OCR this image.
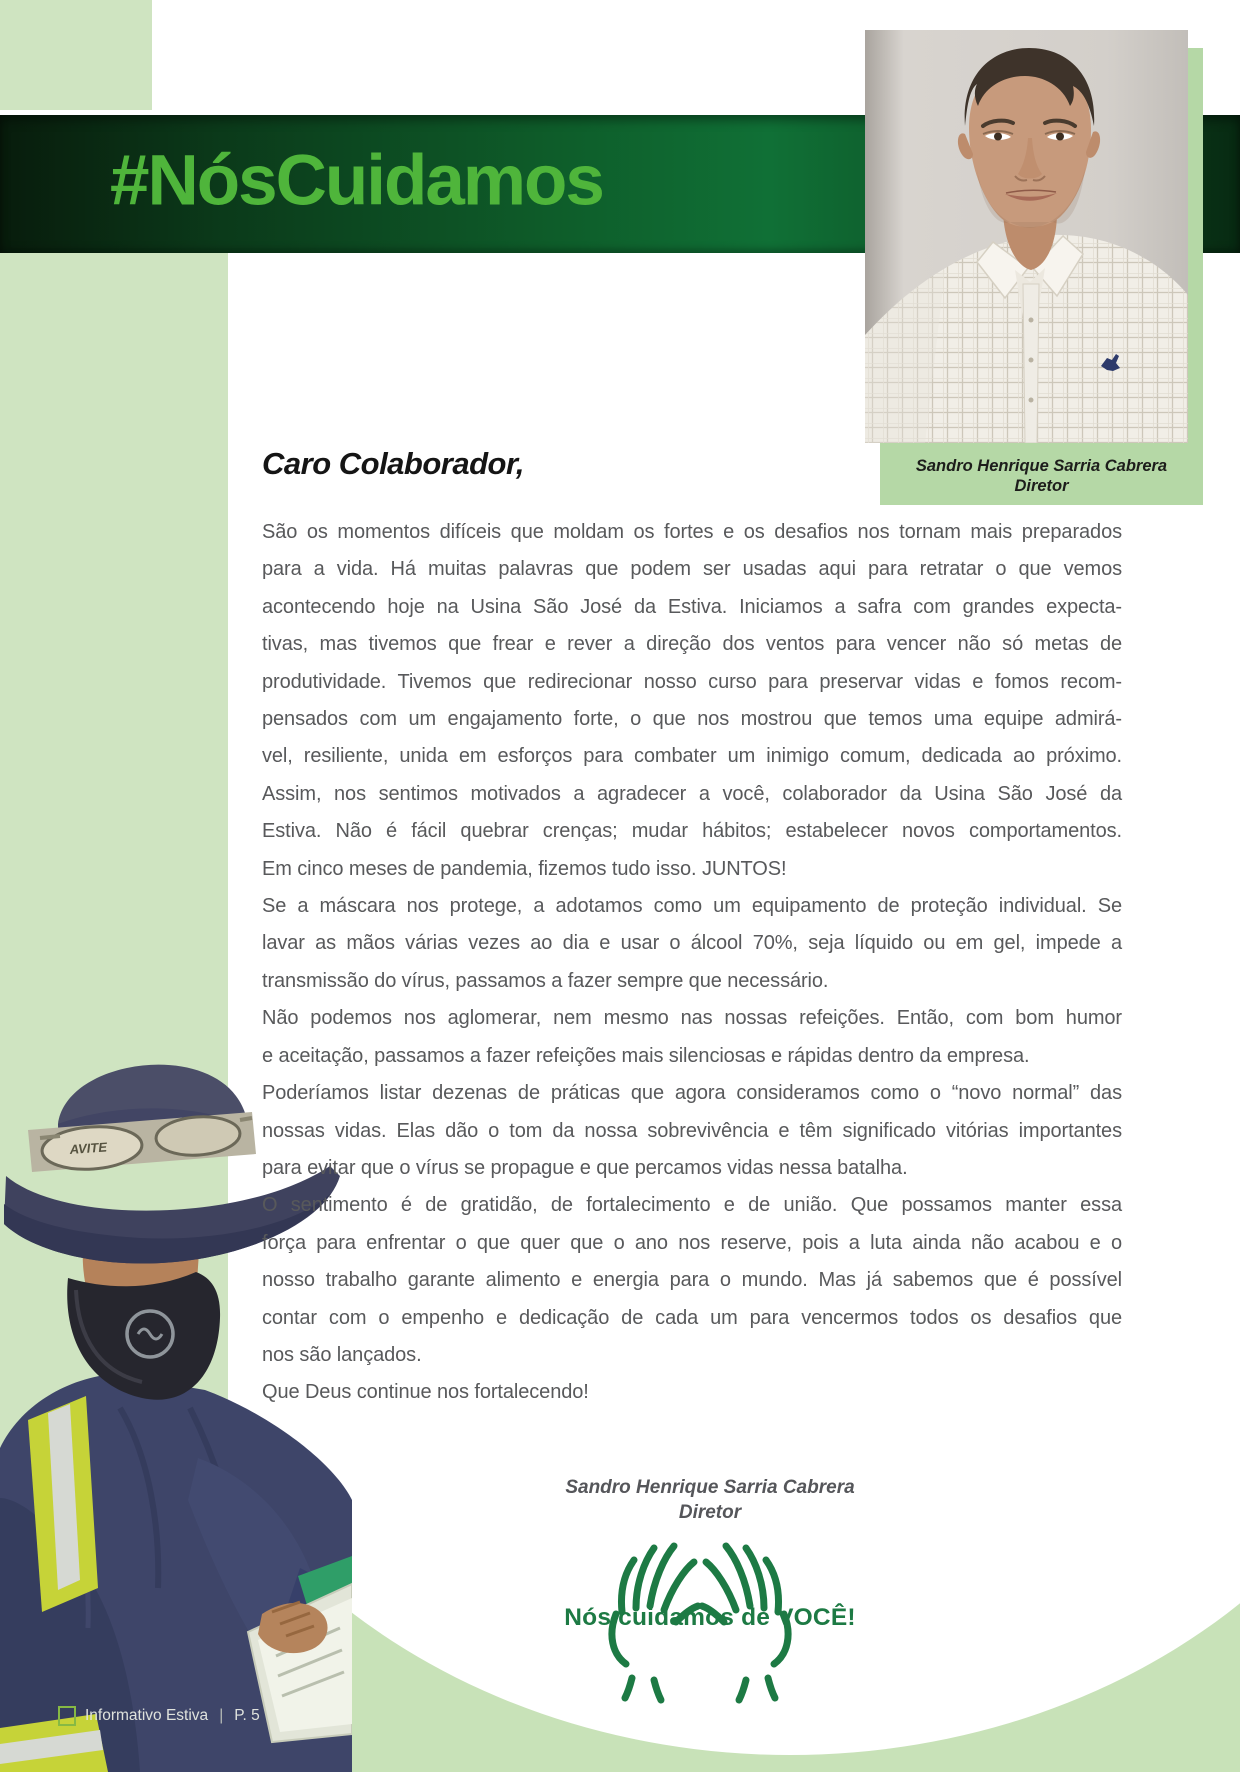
#NósCuidamos
Sandro Henrique Sarria Cabrera
Diretor
Caro Colaborador,
São os momentos difíceis que moldam os fortes e os desafios nos tornam mais preparados
para a vida. Há muitas palavras que podem ser usadas aqui para retratar o que vemos
acontecendo hoje na Usina São José da Estiva. Iniciamos a safra com grandes expecta-
tivas, mas tivemos que frear e rever a direção dos ventos para vencer não só metas de
produtividade. Tivemos que redirecionar nosso curso para preservar vidas e fomos recom-
pensados com um engajamento forte, o que nos mostrou que temos uma equipe admirá-
vel, resiliente, unida em esforços para combater um inimigo comum, dedicada ao próximo.
Assim, nos sentimos motivados a agradecer a você, colaborador da Usina São José da
Estiva. Não é fácil quebrar crenças; mudar hábitos; estabelecer novos comportamentos.
Em cinco meses de pandemia, fizemos tudo isso. JUNTOS!
Se a máscara nos protege, a adotamos como um equipamento de proteção individual. Se
lavar as mãos várias vezes ao dia e usar o álcool 70%, seja líquido ou em gel, impede a
transmissão do vírus, passamos a fazer sempre que necessário.
Não podemos nos aglomerar, nem mesmo nas nossas refeições. Então, com bom humor
e aceitação, passamos a fazer refeições mais silenciosas e rápidas dentro da empresa.
Poderíamos listar dezenas de práticas que agora consideramos como o “novo normal” das
nossas vidas. Elas dão o tom da nossa sobrevivência e têm significado vitórias importantes
para evitar que o vírus se propague e que percamos vidas nessa batalha.
O sentimento é de gratidão, de fortalecimento e de união. Que possamos manter essa
força para enfrentar o que quer que o ano nos reserve, pois a luta ainda não acabou e o
nosso trabalho garante alimento e energia para o mundo. Mas já sabemos que é possível
contar com o empenho e dedicação de cada um para vencermos todos os desafios que
nos são lançados.
Que Deus continue nos fortalecendo!
Sandro Henrique Sarria Cabrera
Diretor
Nós cuidamos de VOCÊ!
AVITE
Informativo Estiva | P. 5
